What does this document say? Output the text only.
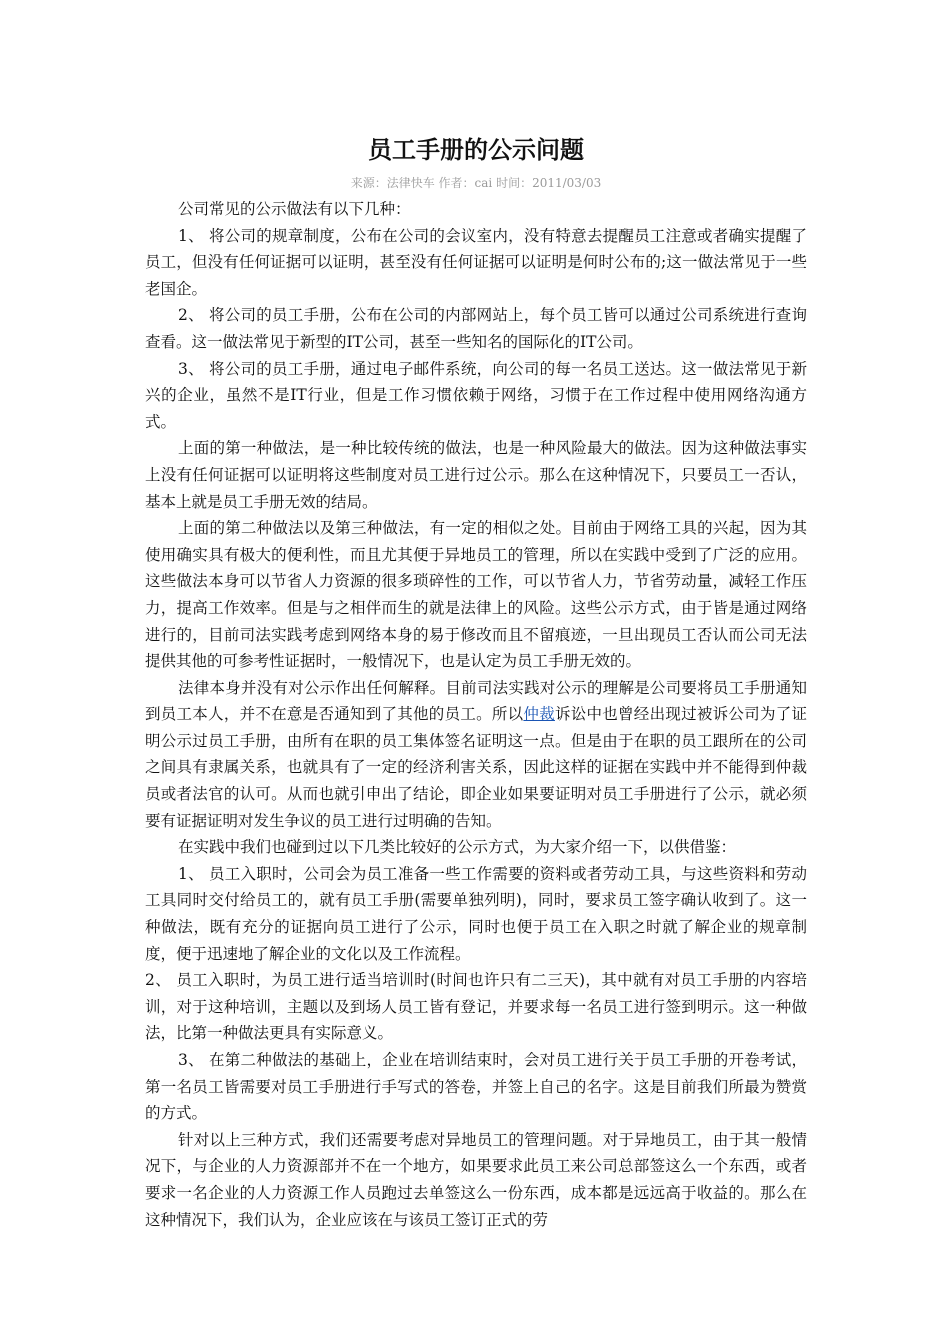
员工手册的公示问题
来源：法律快车 作者：cai 时间：2011/03/03

公司常见的公示做法有以下几种：

1、 将公司的规章制度，公布在公司的会议室内，没有特意去提醒员工注意或者确实提醒了员工，但没有任何证据可以证明，甚至没有任何证据可以证明是何时公布的;这一做法常见于一些老国企。

2、 将公司的员工手册，公布在公司的内部网站上，每个员工皆可以通过公司系统进行查询查看。这一做法常见于新型的IT公司，甚至一些知名的国际化的IT公司。

3、 将公司的员工手册，通过电子邮件系统，向公司的每一名员工送达。这一做法常见于新兴的企业，虽然不是IT行业，但是工作习惯依赖于网络，习惯于在工作过程中使用网络沟通方式。

上面的第一种做法，是一种比较传统的做法，也是一种风险最大的做法。因为这种做法事实上没有任何证据可以证明将这些制度对员工进行过公示。那么在这种情况下，只要员工一否认，基本上就是员工手册无效的结局。

上面的第二种做法以及第三种做法，有一定的相似之处。目前由于网络工具的兴起，因为其使用确实具有极大的便利性，而且尤其便于异地员工的管理，所以在实践中受到了广泛的应用。这些做法本身可以节省人力资源的很多琐碎性的工作，可以节省人力，节省劳动量，减轻工作压力，提高工作效率。但是与之相伴而生的就是法律上的风险。这些公示方式，由于皆是通过网络进行的，目前司法实践考虑到网络本身的易于修改而且不留痕迹，一旦出现员工否认而公司无法提供其他的可参考性证据时，一般情况下，也是认定为员工手册无效的。

法律本身并没有对公示作出任何解释。目前司法实践对公示的理解是公司要将员工手册通知到员工本人，并不在意是否通知到了其他的员工。所以仲裁诉讼中也曾经出现过被诉公司为了证明公示过员工手册，由所有在职的员工集体签名证明这一点。但是由于在职的员工跟所在的公司之间具有隶属关系，也就具有了一定的经济利害关系，因此这样的证据在实践中并不能得到仲裁员或者法官的认可。从而也就引申出了结论，即企业如果要证明对员工手册进行了公示，就必须要有证据证明对发生争议的员工进行过明确的告知。

在实践中我们也碰到过以下几类比较好的公示方式，为大家介绍一下，以供借鉴：

1、 员工入职时，公司会为员工准备一些工作需要的资料或者劳动工具，与这些资料和劳动工具同时交付给员工的，就有员工手册(需要单独列明)，同时，要求员工签字确认收到了。这一种做法，既有充分的证据向员工进行了公示，同时也便于员工在入职之时就了解企业的规章制度，便于迅速地了解企业的文化以及工作流程。

2、 员工入职时，为员工进行适当培训时(时间也许只有二三天)，其中就有对员工手册的内容培训，对于这种培训，主题以及到场人员工皆有登记，并要求每一名员工进行签到明示。这一种做法，比第一种做法更具有实际意义。

3、 在第二种做法的基础上，企业在培训结束时，会对员工进行关于员工手册的开卷考试，第一名员工皆需要对员工手册进行手写式的答卷，并签上自己的名字。这是目前我们所最为赞赏的方式。

针对以上三种方式，我们还需要考虑对异地员工的管理问题。对于异地员工，由于其一般情况下，与企业的人力资源部并不在一个地方，如果要求此员工来公司总部签这么一个东西，或者要求一名企业的人力资源工作人员跑过去单签这么一份东西，成本都是远远高于收益的。那么在这种情况下，我们认为，企业应该在与该员工签订正式的劳
